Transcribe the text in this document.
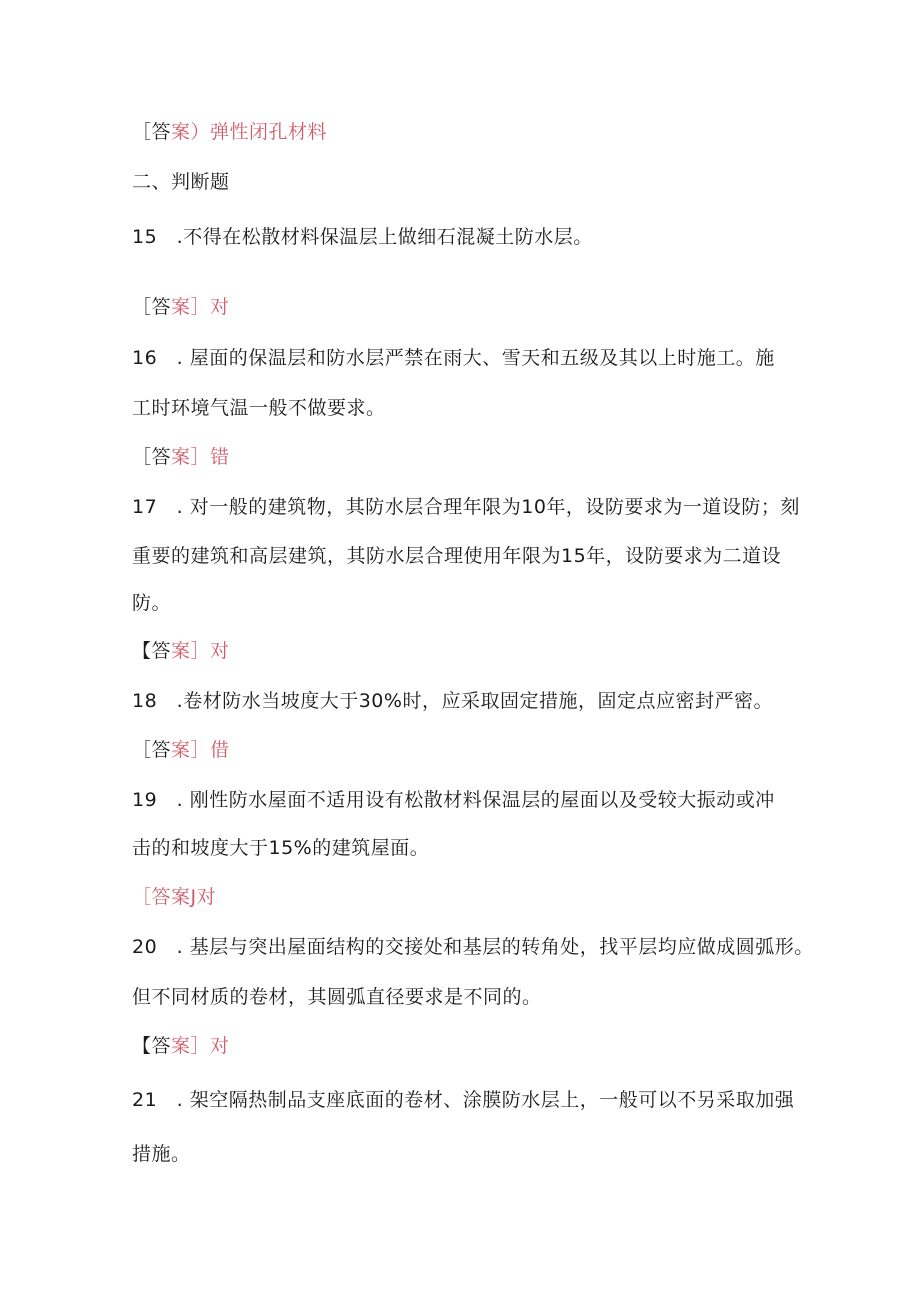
［答案）弹性闭孔材料
二、判断题
15　.不得在松散材料保温层上做细石混凝土防水层。
［答案］对
16　. 屋面的保温层和防水层严禁在雨大、雪天和五级及其以上时施工。施
工时环境气温一般不做要求。
［答案］错
17　. 对一般的建筑物，其防水层合理年限为10年，设防要求为一道设防；刻
重要的建筑和高层建筑，其防水层合理使用年限为15年，设防要求为二道设
防。
【答案］对
18　.卷材防水当坡度大于30%时，应采取固定措施，固定点应密封严密。
［答案］借
19　. 刚性防水屋面不适用设有松散材料保温层的屋面以及受较大振动或冲
击的和坡度大于15%的建筑屋面。
［答案J对
20　. 基层与突出屋面结构的交接处和基层的转角处，找平层均应做成圆弧形。
但不同材质的卷材，其圆弧直径要求是不同的。
【答案］对
21　. 架空隔热制品支座底面的卷材、涂膜防水层上，一般可以不另采取加强
措施。
